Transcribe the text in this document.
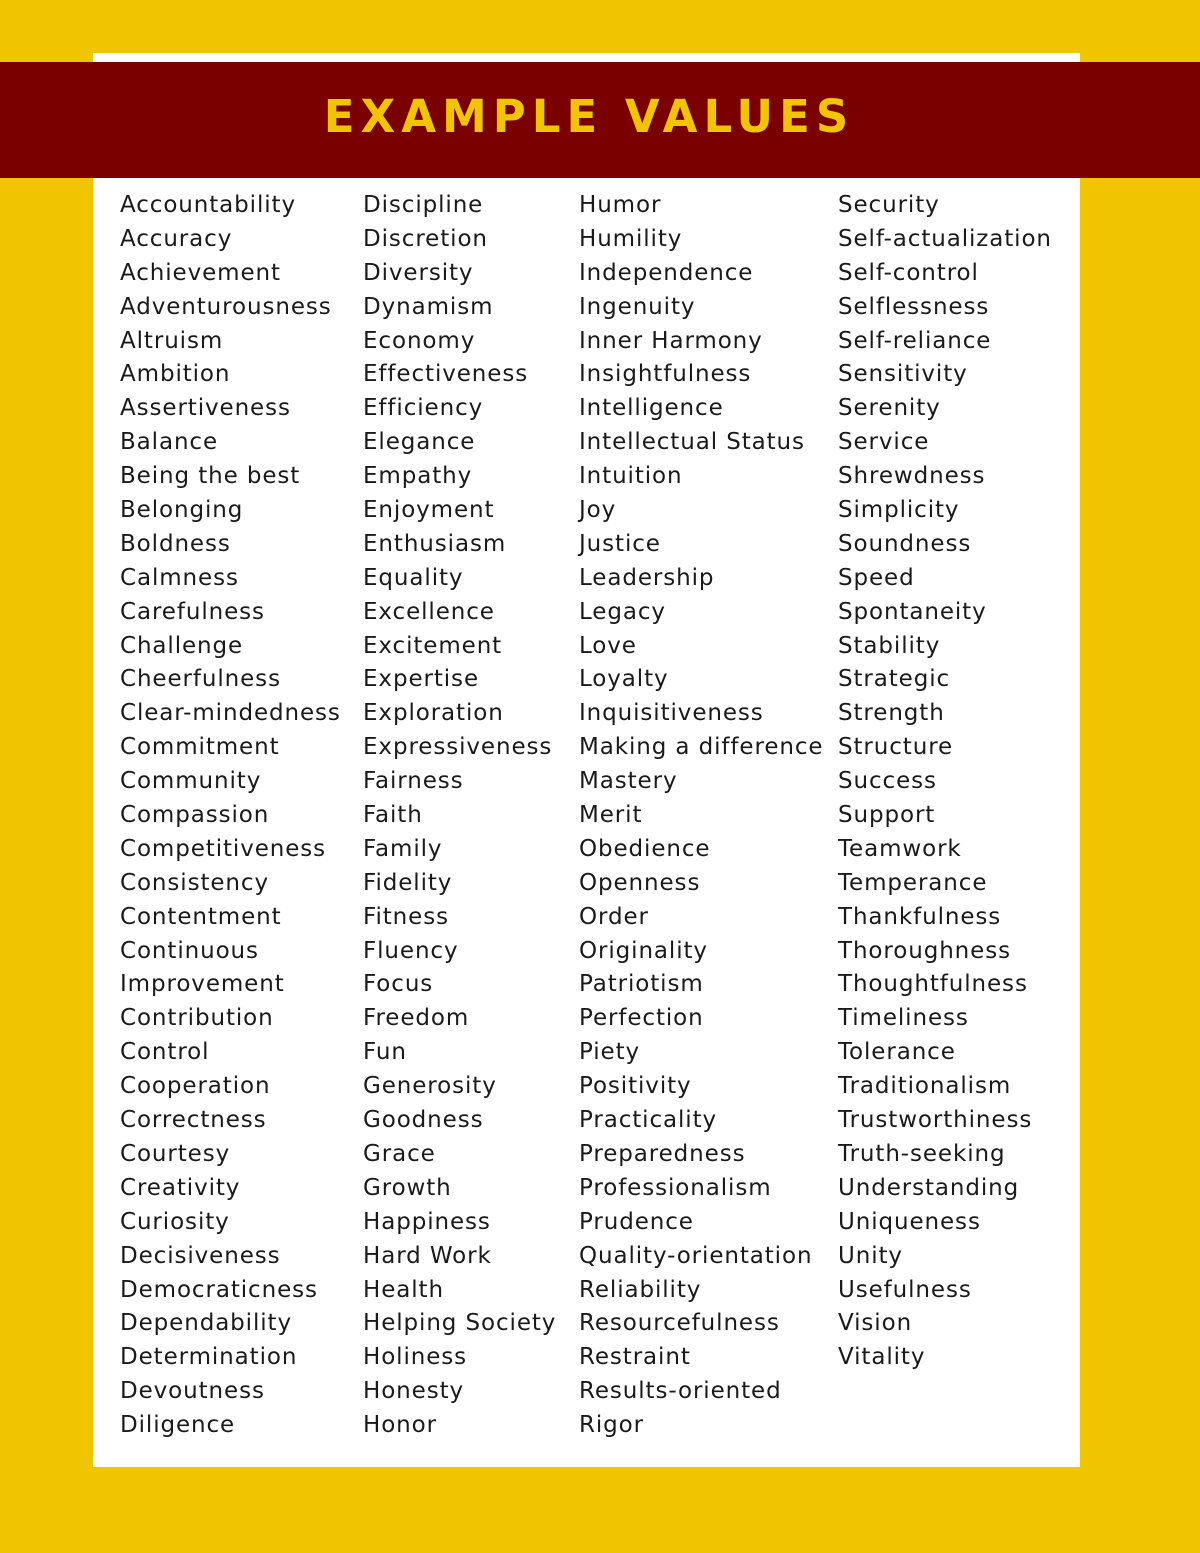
EXAMPLE VALUES
Accountability
Accuracy
Achievement
Adventurousness
Altruism
Ambition
Assertiveness
Balance
Being the best
Belonging
Boldness
Calmness
Carefulness
Challenge
Cheerfulness
Clear-mindedness
Commitment
Community
Compassion
Competitiveness
Consistency
Contentment
Continuous
Improvement
Contribution
Control
Cooperation
Correctness
Courtesy
Creativity
Curiosity
Decisiveness
Democraticness
Dependability
Determination
Devoutness
Diligence
Discipline
Discretion
Diversity
Dynamism
Economy
Effectiveness
Efficiency
Elegance
Empathy
Enjoyment
Enthusiasm
Equality
Excellence
Excitement
Expertise
Exploration
Expressiveness
Fairness
Faith
Family
Fidelity
Fitness
Fluency
Focus
Freedom
Fun
Generosity
Goodness
Grace
Growth
Happiness
Hard Work
Health
Helping Society
Holiness
Honesty
Honor
Humor
Humility
Independence
Ingenuity
Inner Harmony
Insightfulness
Intelligence
Intellectual Status
Intuition
Joy
Justice
Leadership
Legacy
Love
Loyalty
Inquisitiveness
Making a difference
Mastery
Merit
Obedience
Openness
Order
Originality
Patriotism
Perfection
Piety
Positivity
Practicality
Preparedness
Professionalism
Prudence
Quality-orientation
Reliability
Resourcefulness
Restraint
Results-oriented
Rigor
Security
Self-actualization
Self-control
Selflessness
Self-reliance
Sensitivity
Serenity
Service
Shrewdness
Simplicity
Soundness
Speed
Spontaneity
Stability
Strategic
Strength
Structure
Success
Support
Teamwork
Temperance
Thankfulness
Thoroughness
Thoughtfulness
Timeliness
Tolerance
Traditionalism
Trustworthiness
Truth-seeking
Understanding
Uniqueness
Unity
Usefulness
Vision
Vitality
